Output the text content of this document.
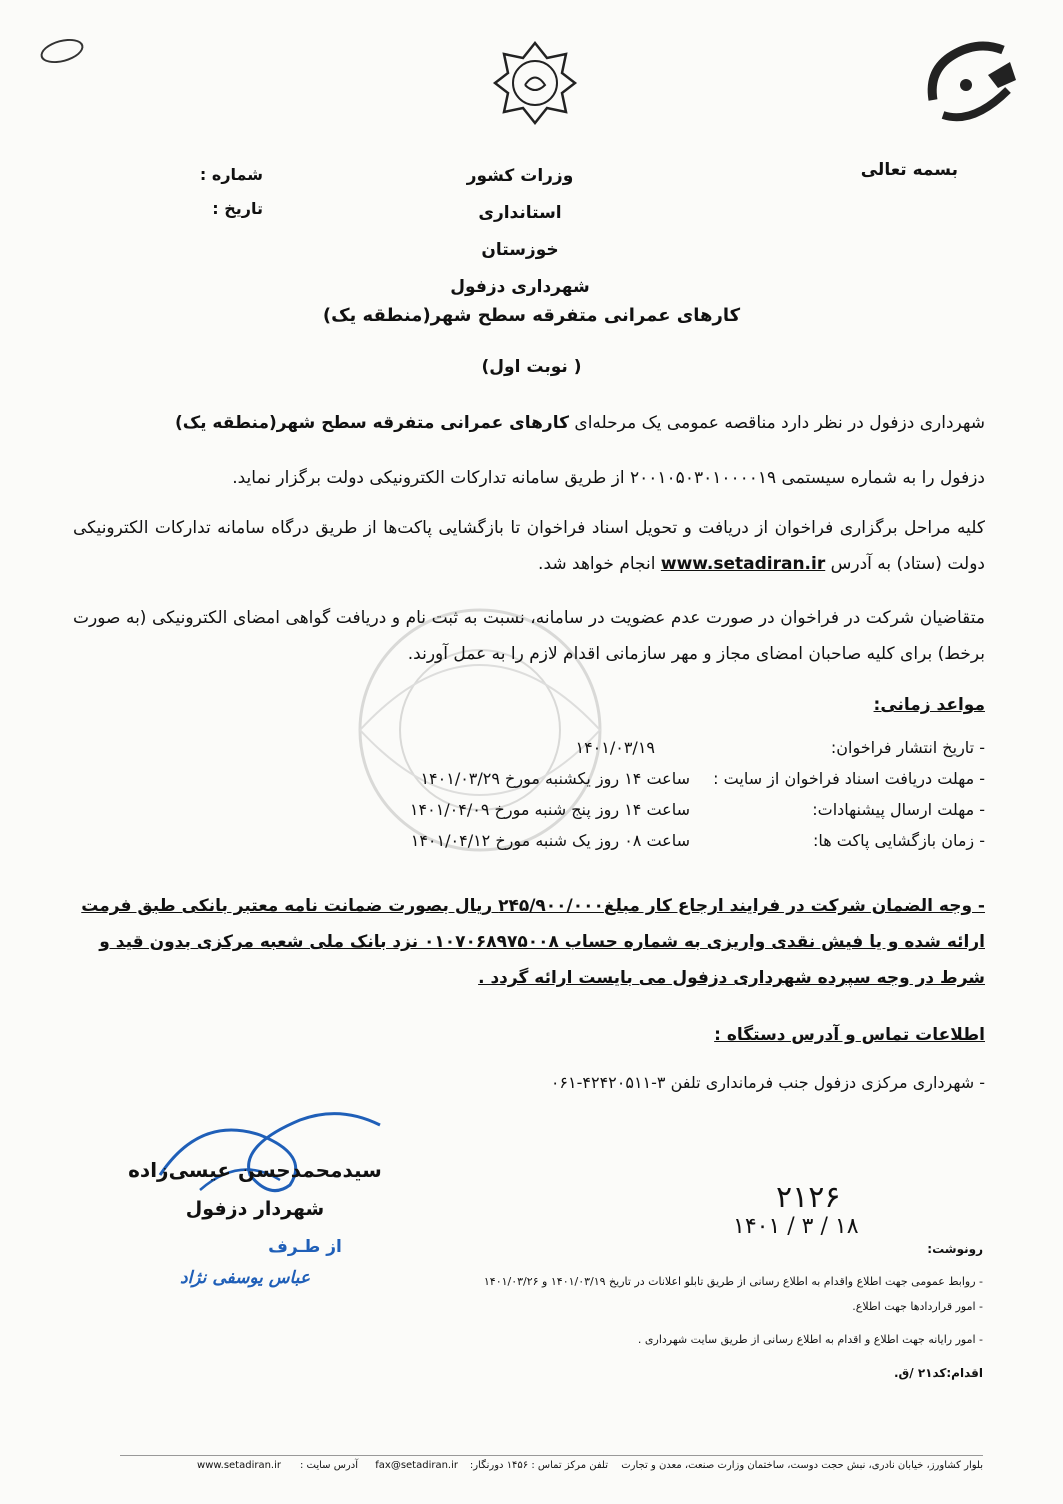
بسمه تعالی
وزرات کشور
استانداری خوزستان
شهرداری دزفول
شماره :
تاریخ :
کارهای عمرانی متفرقه سطح شهر(منطقه یک)
( نوبت اول)
شهرداری دزفول در نظر دارد مناقصه عمومی یک مرحله‌ای کارهای عمرانی متفرقه سطح شهر(منطقه یک)
دزفول را به شماره سیستمی ۲۰۰۱۰۵۰۳۰۱۰۰۰۰۱۹ از طریق سامانه تدارکات الکترونیکی دولت برگزار نماید.
کلیه مراحل برگزاری فراخوان از دریافت و تحویل اسناد فراخوان تا بازگشایی پاکت‌ها از طریق درگاه سامانه تدارکات الکترونیکی دولت (ستاد) به آدرس www.setadiran.ir انجام خواهد شد.
متقاضیان شرکت در فراخوان در صورت عدم عضویت در سامانه، نسبت به ثبت نام و دریافت گواهی امضای الکترونیکی (به صورت برخط) برای کلیه صاحبان امضای مجاز و مهر سازمانی اقدام لازم را به عمل آورند.
مواعد زمانی:
- تاریخ انتشار فراخوان:
۱۴۰۱/۰۳/۱۹
- مهلت دریافت اسناد فراخوان از سایت :
ساعت ۱۴ روز یکشنبه مورخ ۱۴۰۱/۰۳/۲۹
- مهلت ارسال پیشنهادات:
ساعت ۱۴ روز پنج شنبه مورخ ۱۴۰۱/۰۴/۰۹
- زمان بازگشایی پاکت ها:
ساعت ۰۸ روز یک شنبه مورخ ۱۴۰۱/۰۴/۱۲
- وجه الضمان شرکت در فرایند ارجاع کار مبلغ۲۴۵/۹۰۰/۰۰۰ ریال بصورت ضمانت نامه معتبر بانکی طبق فرمت ارائه شده و یا فیش نقدی واریزی به شماره حساب ۰۱۰۷۰۶۸۹۷۵۰۰۸ نزد بانک ملی شعبه مرکزی بدون قید و شرط در وجه سپرده شهرداری دزفول می بایست ارائه گردد .
اطلاعات تماس و آدرس دستگاه :
- شهرداری مرکزی دزفول جنب فرمانداری تلفن ۳-۴۲۴۲۰۵۱۱-۰۶۱
سیدمحمدحسن عیسی‌زاده
شهردار دزفول
از طـرف
عباس یوسفی نژاد
۲۱۲۶
۱۴۰۱ / ۳ / ۱۸
رونوشت:
- روابط عمومی جهت اطلاع واقدام به اطلاع رسانی از طریق تابلو اعلانات در تاریخ ۱۴۰۱/۰۳/۱۹ و ۱۴۰۱/۰۳/۲۶
- امور قراردادها جهت اطلاع.
- امور رایانه جهت اطلاع و اقدام به اطلاع رسانی از طریق سایت شهرداری .
اقدام:کد۲۱ /ق.
بلوار کشاورز، خیابان نادری، نبش حجت دوست، ساختمان وزارت صنعت، معدن و تجارت
تلفن مرکز تماس : ۱۴۵۶ دورنگار:
fax@setadiran.ir
آدرس سایت :
www.setadiran.ir
